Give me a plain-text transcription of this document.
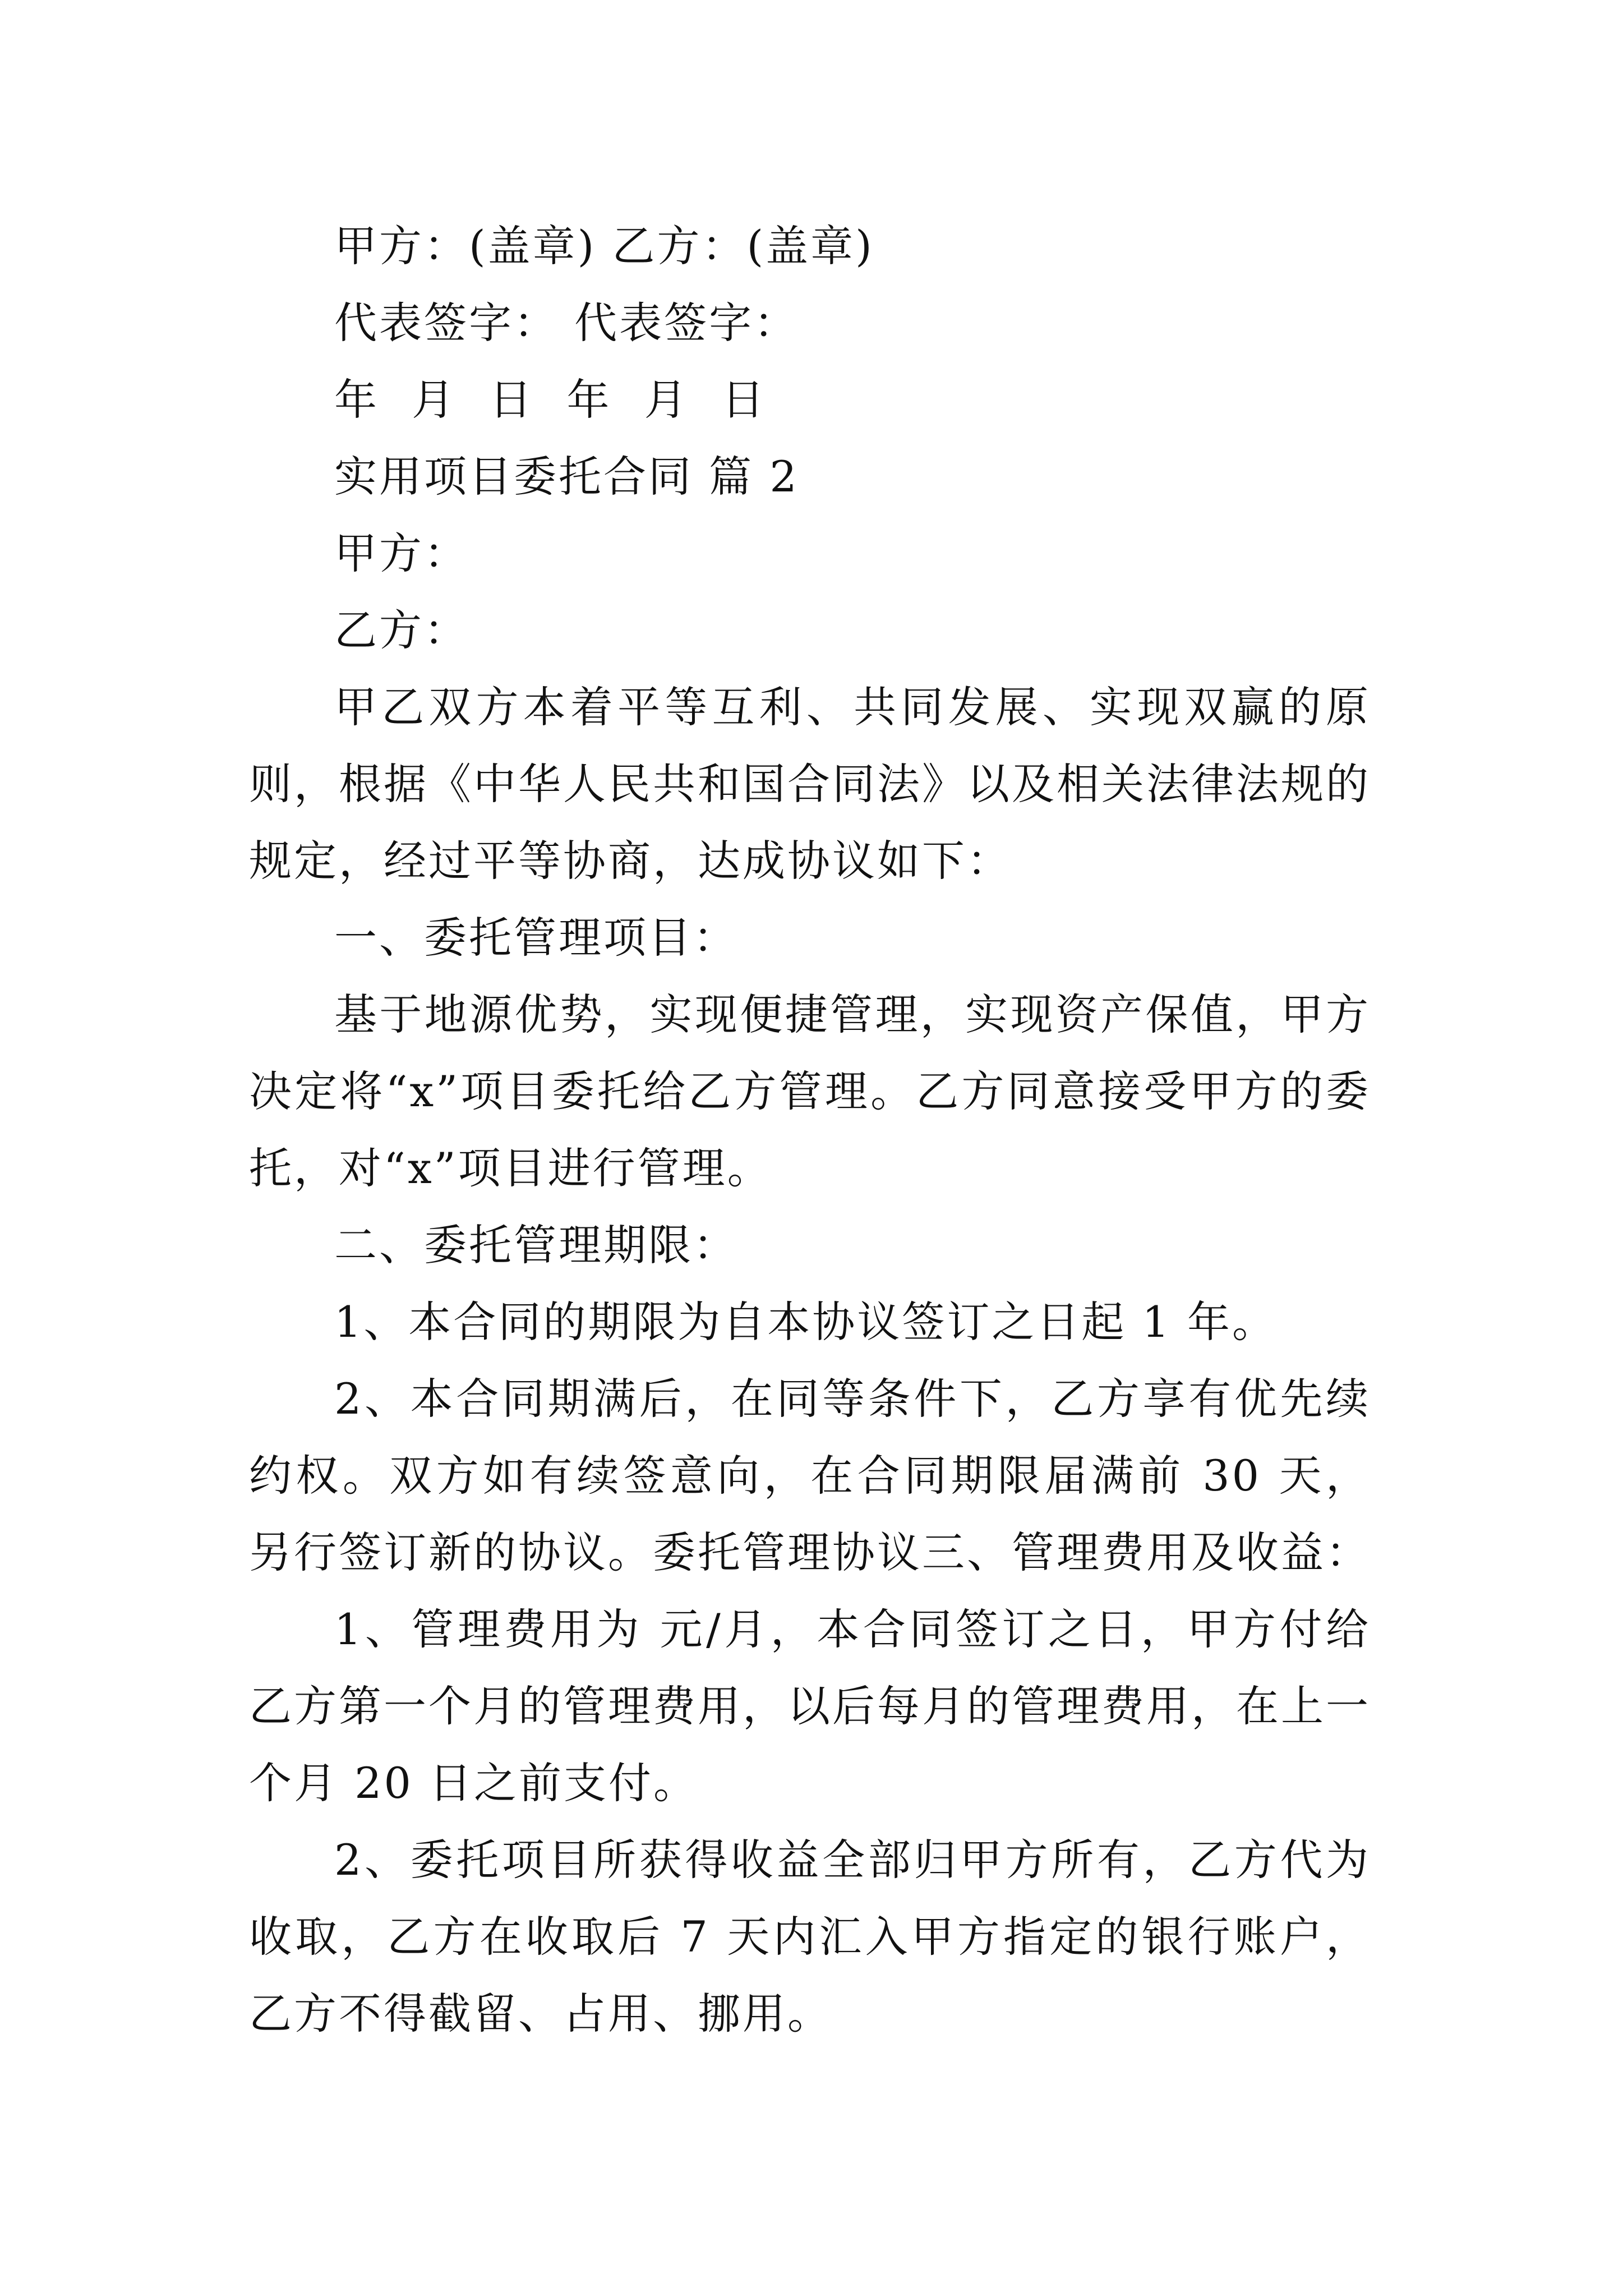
甲方：(盖章) 乙方：(盖章)

代表签字： 代表签字：

年 月 日 年 月 日

实用项目委托合同 篇 2

甲方：

乙方：

甲乙双方本着平等互利、共同发展、实现双赢的原则，根据《中华人民共和国合同法》以及相关法律法规的规定，经过平等协商，达成协议如下：

一、委托管理项目：

基于地源优势，实现便捷管理，实现资产保值，甲方决定将“x”项目委托给乙方管理。乙方同意接受甲方的委托，对“x”项目进行管理。

二、委托管理期限：

1、本合同的期限为自本协议签订之日起 1 年。

2、本合同期满后，在同等条件下，乙方享有优先续约权。双方如有续签意向，在合同期限届满前 30 天，另行签订新的协议。委托管理协议三、管理费用及收益：

1、管理费用为 元/月，本合同签订之日，甲方付给乙方第一个月的管理费用，以后每月的管理费用，在上一个月 20 日之前支付。

2、委托项目所获得收益全部归甲方所有，乙方代为收取，乙方在收取后 7 天内汇入甲方指定的银行账户，乙方不得截留、占用、挪用。
